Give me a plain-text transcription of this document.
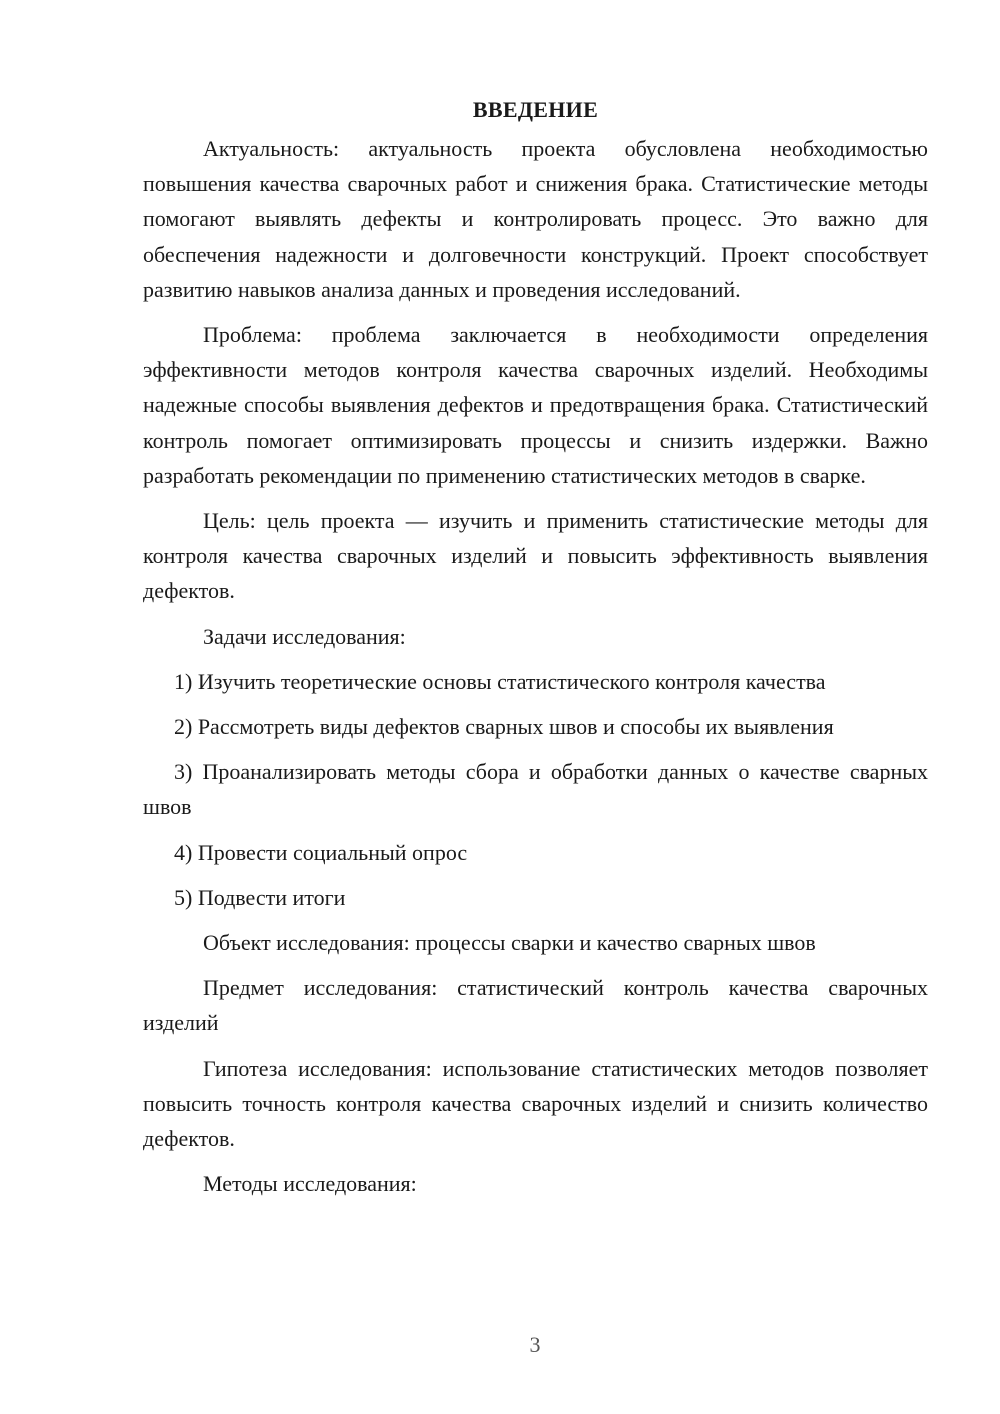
ВВЕДЕНИЕ

Актуальность: актуальность проекта обусловлена необходимостью повышения качества сварочных работ и снижения брака. Статистические методы помогают выявлять дефекты и контролировать процесс. Это важно для обеспечения надежности и долговечности конструкций. Проект способствует развитию навыков анализа данных и проведения исследований.

Проблема: проблема заключается в необходимости определения эффективности методов контроля качества сварочных изделий. Необходимы надежные способы выявления дефектов и предотвращения брака. Статистический контроль помогает оптимизировать процессы и снизить издержки. Важно разработать рекомендации по применению статистических методов в сварке.

Цель: цель проекта — изучить и применить статистические методы для контроля качества сварочных изделий и повысить эффективность выявления дефектов.

Задачи исследования:

1) Изучить теоретические основы статистического контроля качества

2) Рассмотреть виды дефектов сварных швов и способы их выявления

3) Проанализировать методы сбора и обработки данных о качестве сварных швов

4) Провести социальный опрос

5) Подвести итоги

Объект исследования: процессы сварки и качество сварных швов

Предмет исследования: статистический контроль качества сварочных изделий

Гипотеза исследования: использование статистических методов позволяет повысить точность контроля качества сварочных изделий и снизить количество дефектов.

Методы исследования:

3
